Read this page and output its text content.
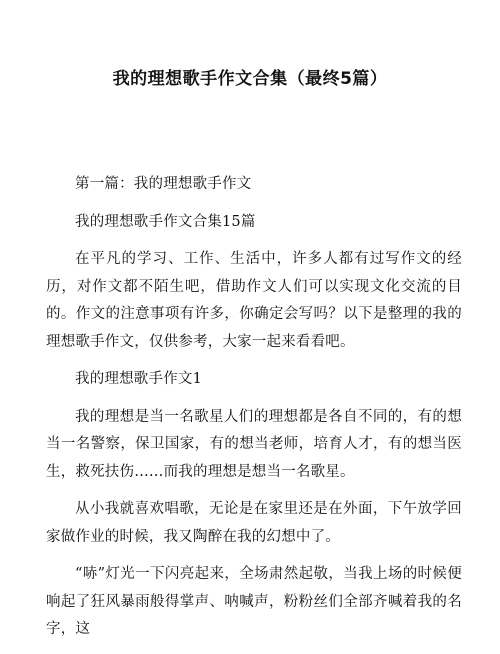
我的理想歌手作文合集（最终5篇）

第一篇：我的理想歌手作文

我的理想歌手作文合集15篇

在平凡的学习、工作、生活中，许多人都有过写作文的经历，对作文都不陌生吧，借助作文人们可以实现文化交流的目的。作文的注意事项有许多，你确定会写吗？以下是整理的我的理想歌手作文，仅供参考，大家一起来看看吧。

我的理想歌手作文1

我的理想是当一名歌星人们的理想都是各自不同的，有的想当一名警察，保卫国家，有的想当老师，培育人才，有的想当医生，救死扶伤……而我的理想是想当一名歌星。

从小我就喜欢唱歌，无论是在家里还是在外面，下午放学回家做作业的时候，我又陶醉在我的幻想中了。

“哧”灯光一下闪亮起来，全场肃然起敬，当我上场的时候便响起了狂风暴雨般得掌声、呐喊声，粉粉丝们全部齐喊着我的名字，这
